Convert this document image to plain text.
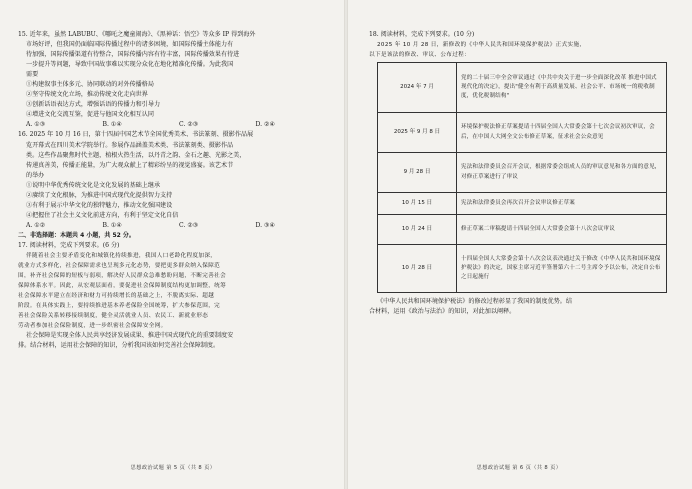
15. 近年来，虽然 LABUBU、《哪吒之魔童闹海》、《黑神话：悟空》等众多 IP 得到海外

市场好评，但我国仍面临国际传播过程中的诸多困境，如国际传播主体能力有

待加强，国际传播渠道有待整合，国际传播内容有待丰富，国际传播效果有待进

一步提升等问题，导致中国故事难以实现分众化在地化精准化传播。为此我国

需要

①构建叙事主体多元、协同联动的对外传播格局

②坚守传统文化立场，推动传统文化走向世界

③创新话语表达方式，增强话语的传播力和引导力

④增进文化交流互鉴，促进与他国文化相互认同

A. ①③	B. ①④	C. ②③	D. ②④

16. 2025 年 10 月 16 日，第十四届中国艺术节全国优秀美术、书法篆刻、摄影作品展

览开幕式在四川美术学院举行。参展作品涵盖美术类、书法篆刻类、摄影作品

类。这些作品聚焦时代主题，植根火热生活，以丹青之韵、金石之趣、光影之美，

传递真善美，传播正能量，为广大观众献上了精彩纷呈的视觉盛宴。该艺术节

的举办

①说明中华优秀传统文化是文化发展的基础上继承

②赓续了文化根脉，为推进中国式现代化提供智力支持

③有利于展示中华文化的独特魅力，推动文化强国建设

④把握住了社会主义文化前进方向，有利于坚定文化自信

A. ①②	B. ①④	C. ②③	D. ③④

二、非选择题：本题共 4 小题，共 52 分。

17. 阅读材料，完成下列要求。(6 分)

伴随着社会主要矛盾变化和城镇化持续推进，我国人口老龄化程度加深，

就业方式多样化，社会保障需求也呈现多元化态势，要把更多群众纳入保障范

围，补齐社会保障的短板与弱项，解决好人民群众急难愁盼问题，不断完善社会

保障体系水平。因此，从宏观层面看，要促进社会保障制度结构更加调整，统筹

社会保障水平建立在经济和财力可持续增长的基础之上，不脱离实际、超越

阶段。在具体实践上，要持续推进基本养老保险全国统筹，扩大参保范围，完

善社会保险关系转移接续制度，健全灵活就业人员、农民工、新就业形态

劳动者参加社会保险制度，进一步织密社会保障安全网。

社会保障是实现全体人民共享经济发展成果、推进中国式现代化的重要制度安

排。结合材料，运用社会保障的知识，分析我国该如何完善社会保障制度。

思想政治试题 第 5 页（共 8 页）

18. 阅读材料，完成下列要求。(10 分)

2025 年 10 月 28 日，新修改的《中华人民共和国环境保护税法》正式实施，

以下是该法的修改、审议、公布过程：

2024 年 7 月	党的二十届三中全会审议通过《中共中央关于进一步全面深化改革 推进中国式现代化的决定》，提出"健全有利于高质量发展、社会公平、市场统一的税收制度，优化税制结构"
2025 年 9 月 8 日	环境保护税法修正草案提请十四届全国人大常委会第十七次会议初次审议，会后，在中国人大网全文公布修正草案，征求社会公众意见
9 月 28 日	宪法和法律委员会召开会议，根据常委会组成人员的审议意见和各方面的意见，对修正草案进行了审议
10 月 15 日	宪法和法律委员会再次召开会议审议修正草案
10 月 24 日	修正草案二审稿提请十四届全国人大常委会第十八次会议审议
10 月 28 日	十四届全国人大常委会第十八次会议表决通过关于修改《中华人民共和国环境保护税法》的决定，国家主席习近平签署第六十二号主席令予以公布，决定自公布之日起施行

《中华人民共和国环境保护税法》的修改过程彰显了我国的制度优势。结

合材料，运用《政治与法治》的知识，对此加以阐释。

思想政治试题 第 6 页（共 8 页）
